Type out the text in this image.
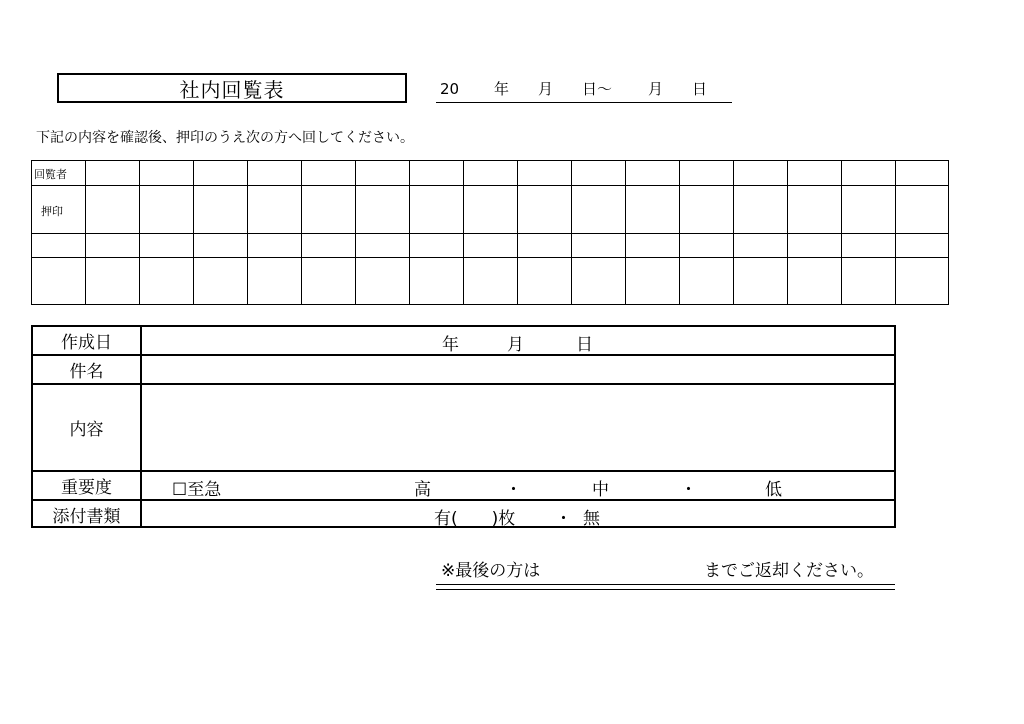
社内回覧表	20 年 月 日～ 月 日
下記の内容を確認後、押印のうえ次の方へ回してください。
回覧者
押印
作成日	年	月	日
件名
内容
重要度	☐至急	高	・	中	・	低
添付書類	有(　　)枚 ・ 無
※最後の方は	までご返却ください。
